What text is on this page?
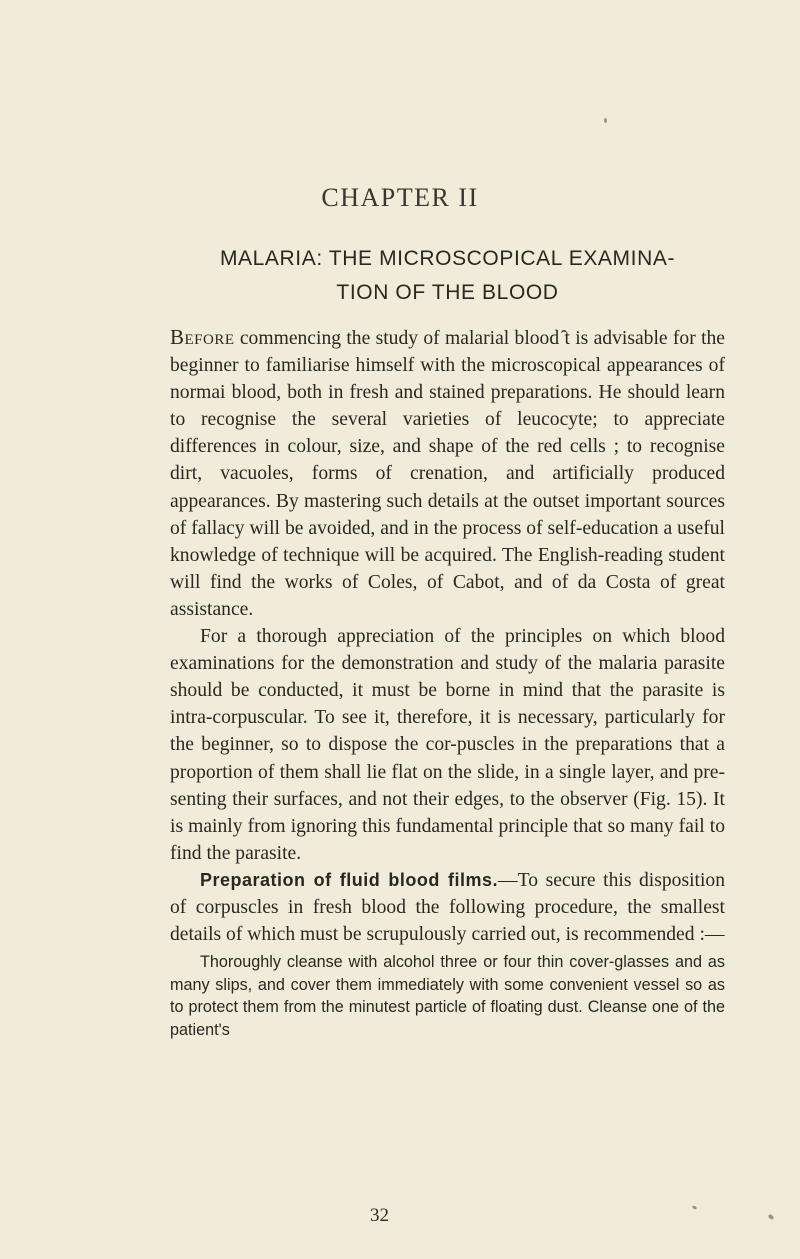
CHAPTER II
MALARIA: THE MICROSCOPICAL EXAMINA-
TION OF THE BLOOD

Before commencing the study of malarial blood ̑t is advisable for the beginner to familiarise himself with the microscopical appearances of normai blood, both in fresh and stained preparations. He should learn to recognise the several varieties of leucocyte; to appreciate differences in colour, size, and shape of the red cells ; to recognise dirt, vacuoles, forms of crenation, and artificially produced appearances. By mastering such details at the outset important sources of fallacy will be avoided, and in the process of self-education a useful knowledge of technique will be acquired. The English-reading student will find the works of Coles, of Cabot, and of da Costa of great assistance.

For a thorough appreciation of the principles on which blood examinations for the demonstration and study of the malaria parasite should be conducted, it must be borne in mind that the parasite is intra-corpuscular. To see it, therefore, it is necessary, particularly for the beginner, so to dispose the cor-puscles in the preparations that a proportion of them shall lie flat on the slide, in a single layer, and pre-senting their surfaces, and not their edges, to the observer (Fig. 15). It is mainly from ignoring this fundamental principle that so many fail to find the parasite.

Preparation of fluid blood films.—To secure this disposition of corpuscles in fresh blood the following procedure, the smallest details of which must be scrupulously carried out, is recommended :—

Thoroughly cleanse with alcohol three or four thin cover-glasses and as many slips, and cover them immediately with some convenient vessel so as to protect them from the minutest particle of floating dust. Cleanse one of the patient's

32
